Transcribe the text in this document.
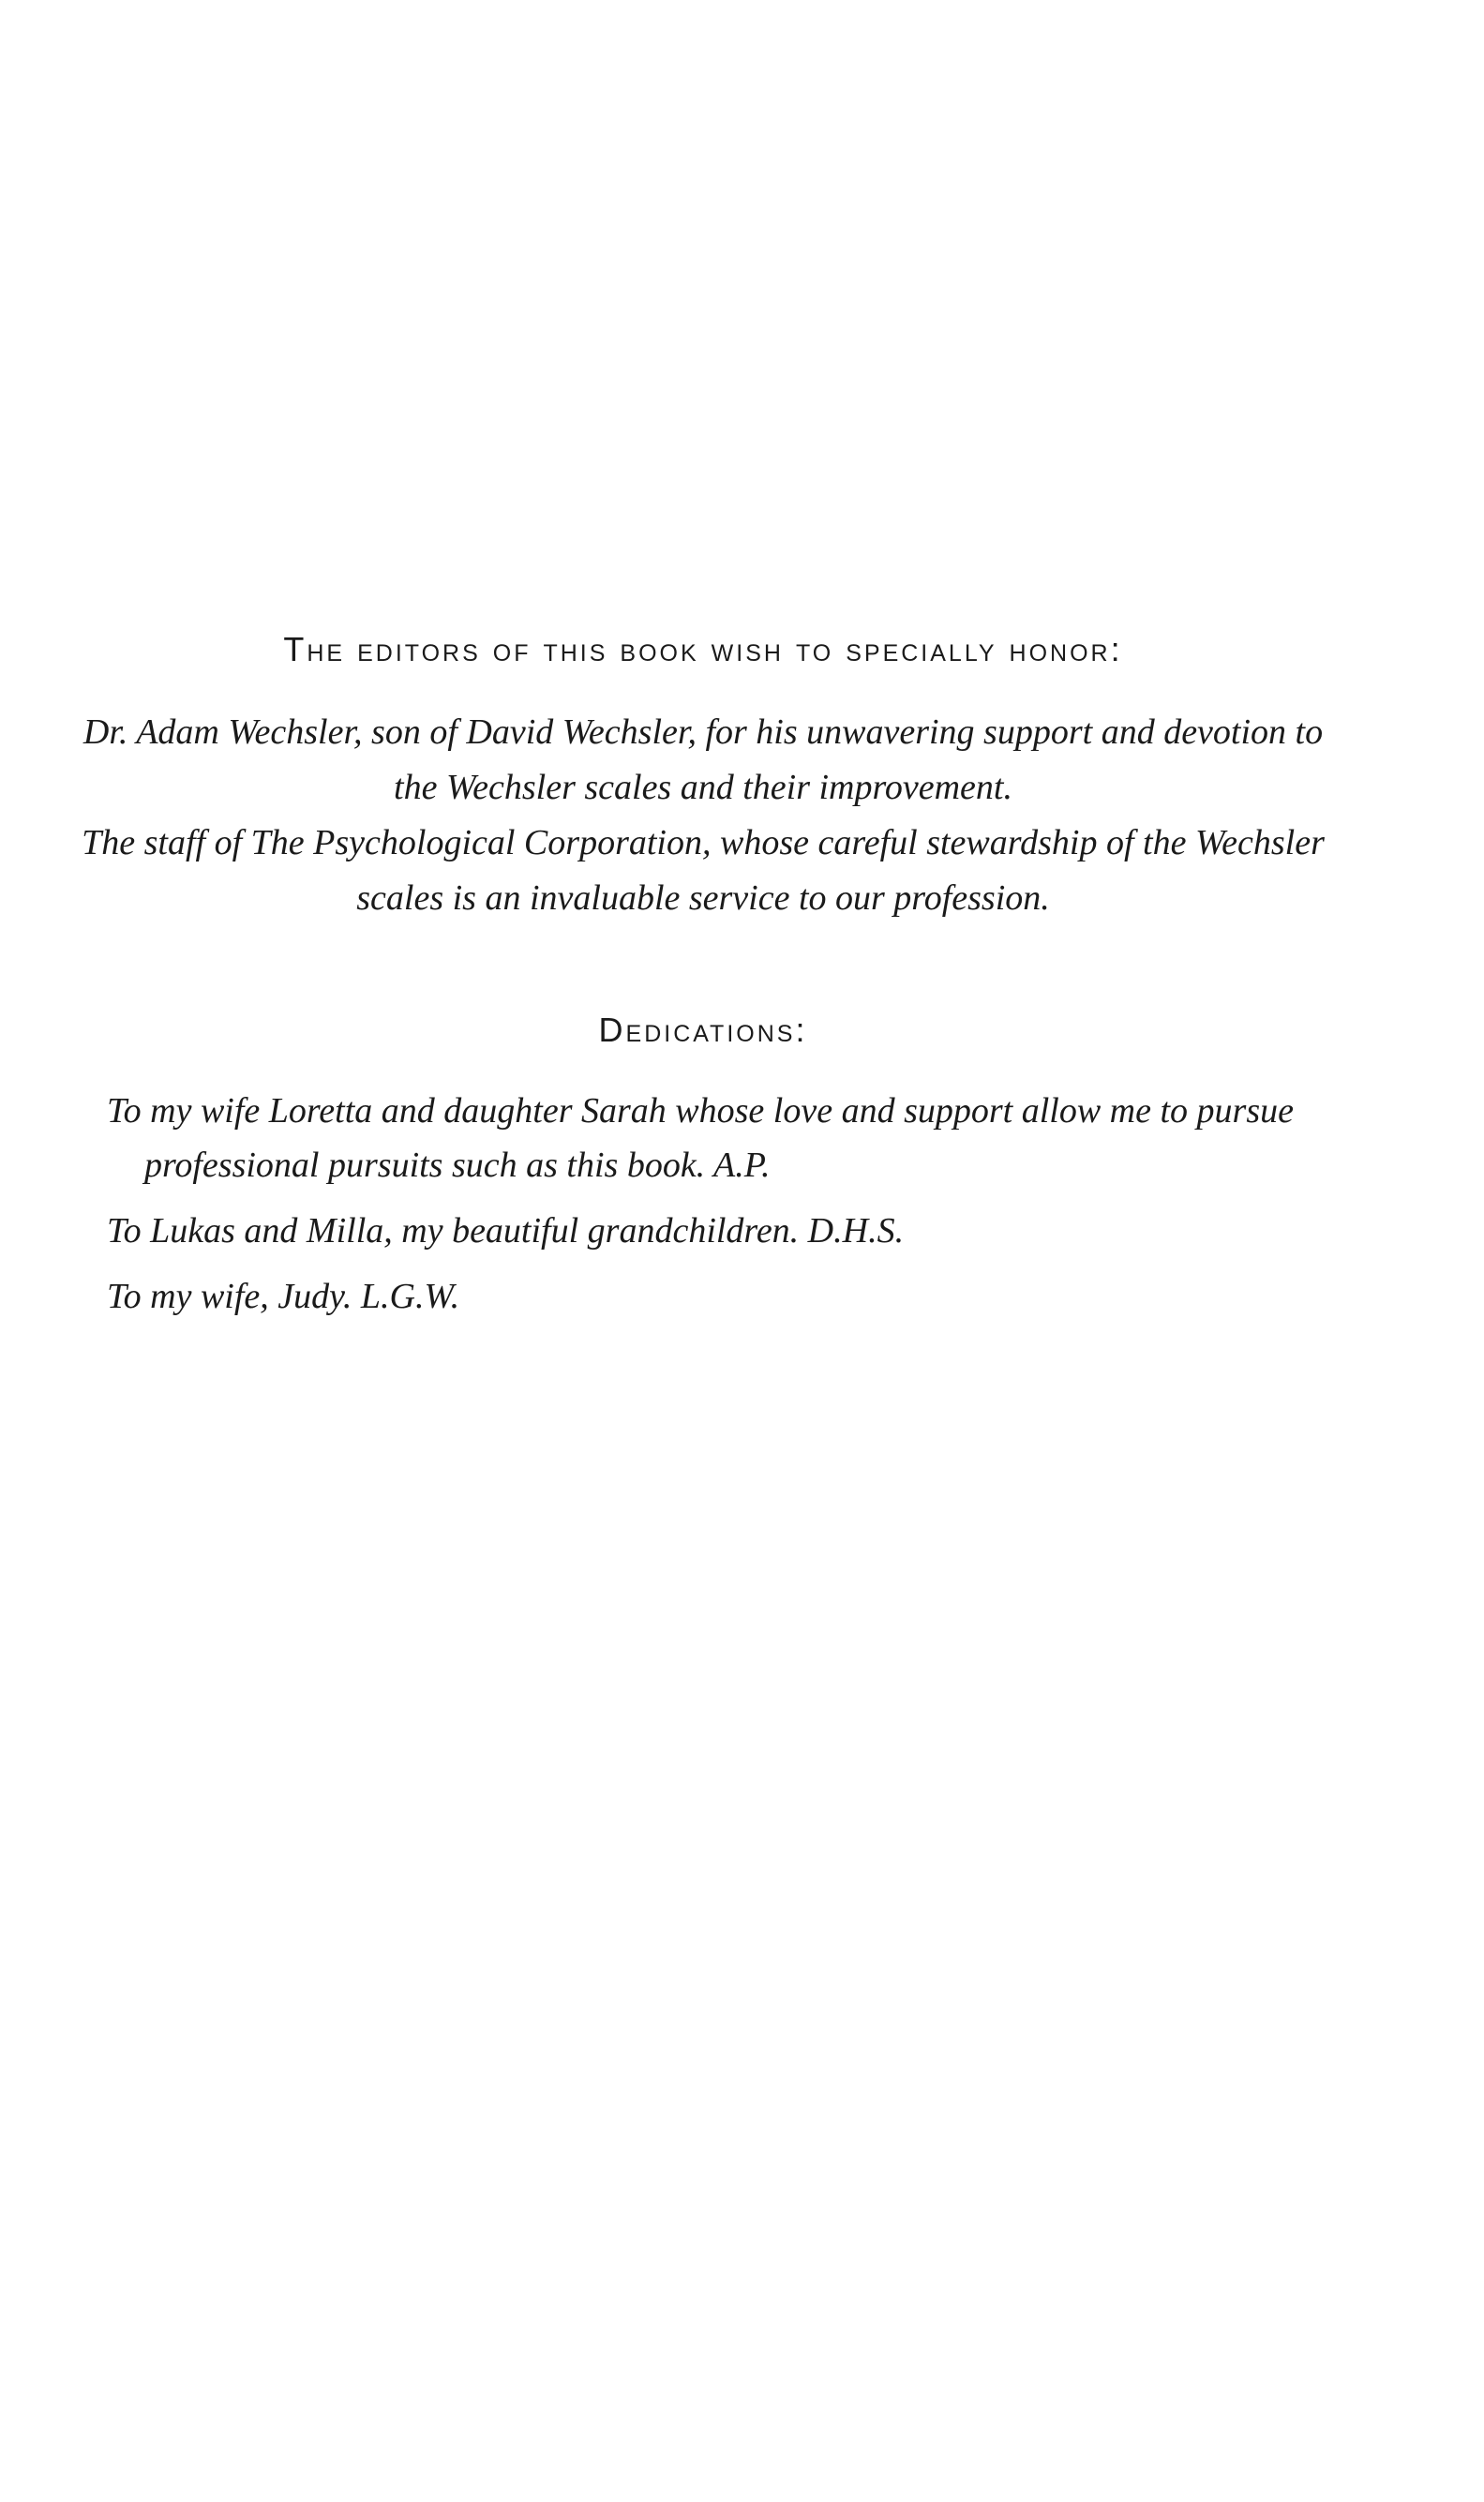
The editors of this book wish to specially honor:
Dr. Adam Wechsler, son of David Wechsler, for his unwavering support and devotion to the Wechsler scales and their improvement.
The staff of The Psychological Corporation, whose careful stewardship of the Wechsler scales is an invaluable service to our profession.
Dedications:
To my wife Loretta and daughter Sarah whose love and support allow me to pursue professional pursuits such as this book. A.P.
To Lukas and Milla, my beautiful grandchildren. D.H.S.
To my wife, Judy. L.G.W.
